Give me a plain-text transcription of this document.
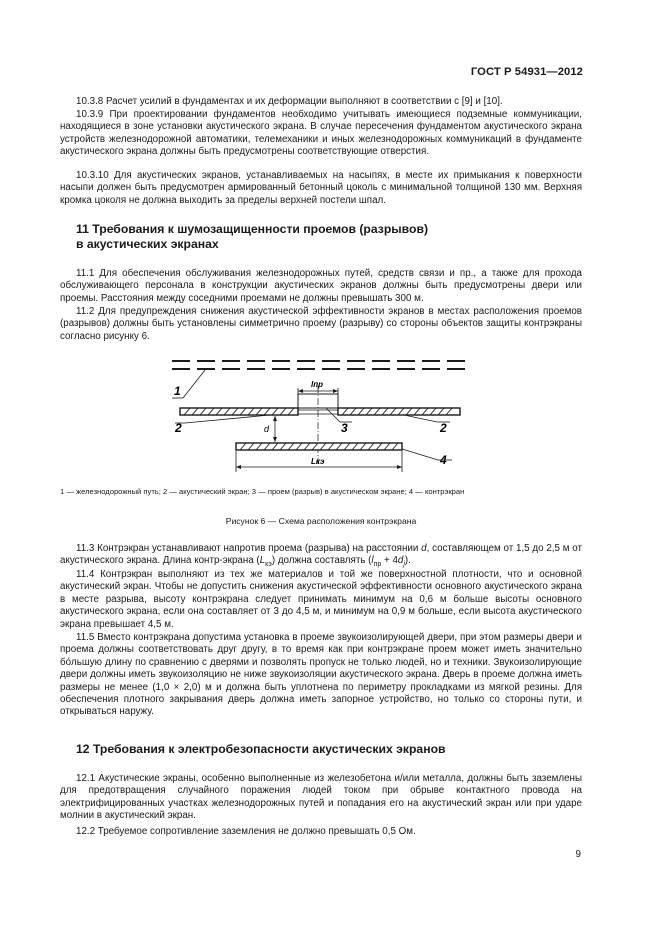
ГОСТ Р 54931—2012

10.3.8 Расчет усилий в фундаментах и их деформации выполняют в соответствии с [9] и [10].

10.3.9 При проектировании фундаментов необходимо учитывать имеющиеся подземные коммуникации, находящиеся в зоне установки акустического экрана. В случае пересечения фундаментом акустического экрана устройств железнодорожной автоматики, телемеханики и иных железнодорожных коммуникаций в фундаменте акустического экрана должны быть предусмотрены соответствующие отверстия.

10.3.10 Для акустических экранов, устанавливаемых на насыпях, в месте их примыкания к поверхности насыпи должен быть предусмотрен армированный бетонный цоколь с минимальной толщиной 130 мм. Верхняя кромка цоколя не должна выходить за пределы верхней постели шпал.

11 Требования к шумозащищенности проемов (разрывов)
в акустических экранах

11.1 Для обеспечения обслуживания железнодорожных путей, средств связи и пр., а также для прохода обслуживающего персонала в конструкции акустических экранов должны быть предусмотрены двери или проемы. Расстояния между соседними проемами не должны превышать 300 м.

11.2 Для предупреждения снижения акустической эффективности экранов в местах расположения проемов (разрывов) должны быть установлены симметрично проему (разрыву) со стороны объектов защиты контрэкраны согласно рисунку 6.

1
2	3	2
4
d
lпр
Lкэ

1 — железнодорожный путь; 2 — акустический экран; 3 — проем (разрыв) в акустическом экране; 4 — контрэкран

Рисунок 6 — Схема расположения контрэкрана

11.3 Контрэкран устанавливают напротив проема (разрыва) на расстоянии d, составляющем от 1,5 до 2,5 м от акустического экрана. Длина контр-экрана $(L_{кэ})$ должна составлять $(l_{пр} + 4d_j)$.

11.4 Контрэкран выполняют из тех же материалов и той же поверхностной плотности, что и основной акустический экран. Чтобы не допустить снижения акустической эффективности основного акустического экрана в месте разрыва, высоту контрэкрана следует принимать минимум на 0,6 м больше высоты основного акустического экрана, если она составляет от 3 до 4,5 м, и минимум на 0,9 м больше, если высота акустического экрана превышает 4,5 м.

11.5 Вместо контрэкрана допустима установка в проеме звукоизолирующей двери, при этом размеры двери и проема должны соответствовать друг другу, в то время как при контрэкране проем может иметь значительно бо́льшую длину по сравнению с дверями и позволять пропуск не только людей, но и техники. Звукоизолирующие двери должны иметь звукоизоляцию не ниже звукоизоляции акустического экрана. Дверь в проеме должна иметь размеры не менее (1,0 × 2,0) м и должна быть уплотнена по периметру прокладками из мягкой резины. Для обеспечения плотного закрывания дверь должна иметь запорное устройство, но только со стороны пути, и открываться наружу.

12 Требования к электробезопасности акустических экранов

12.1 Акустические экраны, особенно выполненные из железобетона и/или металла, должны быть заземлены для предотвращения случайного поражения людей током при обрыве контактного провода на электрифицированных участках железнодорожных путей и попадания его на акустический экран или при ударе молнии в акустический экран.

12.2 Требуемое сопротивление заземления не должно превышать 0,5 Ом.

9
